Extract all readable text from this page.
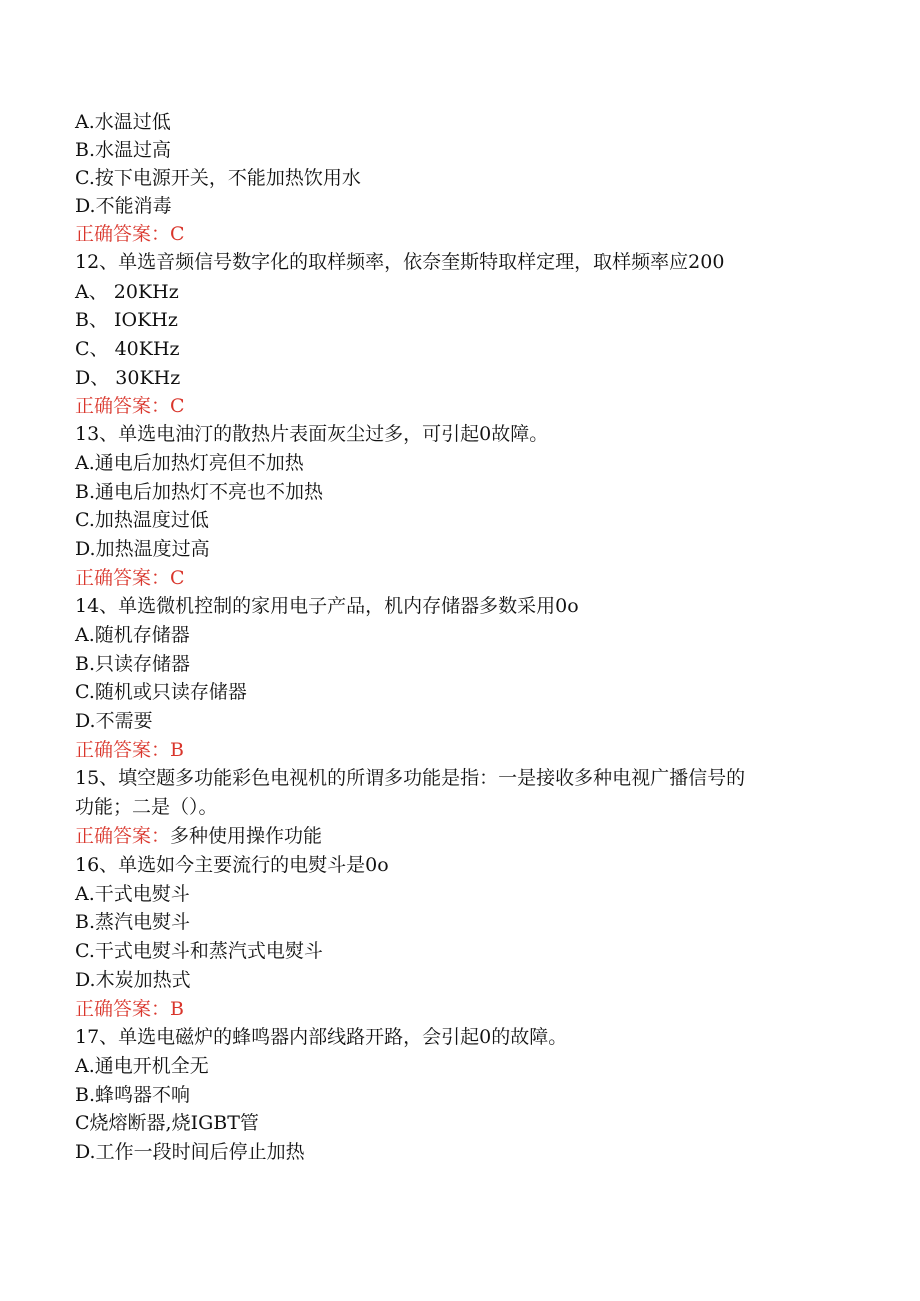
A.水温过低
B.水温过高
C.按下电源开关，不能加热饮用水
D.不能消毒
正确答案：C
12、单选音频信号数字化的取样频率，依奈奎斯特取样定理，取样频率应200
A、 20KHz
B、 IOKHz
C、 40KHz
D、 30KHz
正确答案：C
13、单选电油汀的散热片表面灰尘过多，可引起0故障。
A.通电后加热灯亮但不加热
B.通电后加热灯不亮也不加热
C.加热温度过低
D.加热温度过高
正确答案：C
14、单选微机控制的家用电子产品，机内存储器多数采用0o
A.随机存储器
B.只读存储器
C.随机或只读存储器
D.不需要
正确答案：B
15、填空题多功能彩色电视机的所谓多功能是指：一是接收多种电视广播信号的
功能；二是（）。
正确答案：多种使用操作功能
16、单选如今主要流行的电熨斗是0o
A.干式电熨斗
B.蒸汽电熨斗
C.干式电熨斗和蒸汽式电熨斗
D.木炭加热式
正确答案：B
17、单选电磁炉的蜂鸣器内部线路开路，会引起0的故障。
A.通电开机全无
B.蜂鸣器不响
C烧熔断器,烧IGBT管
D.工作一段时间后停止加热
